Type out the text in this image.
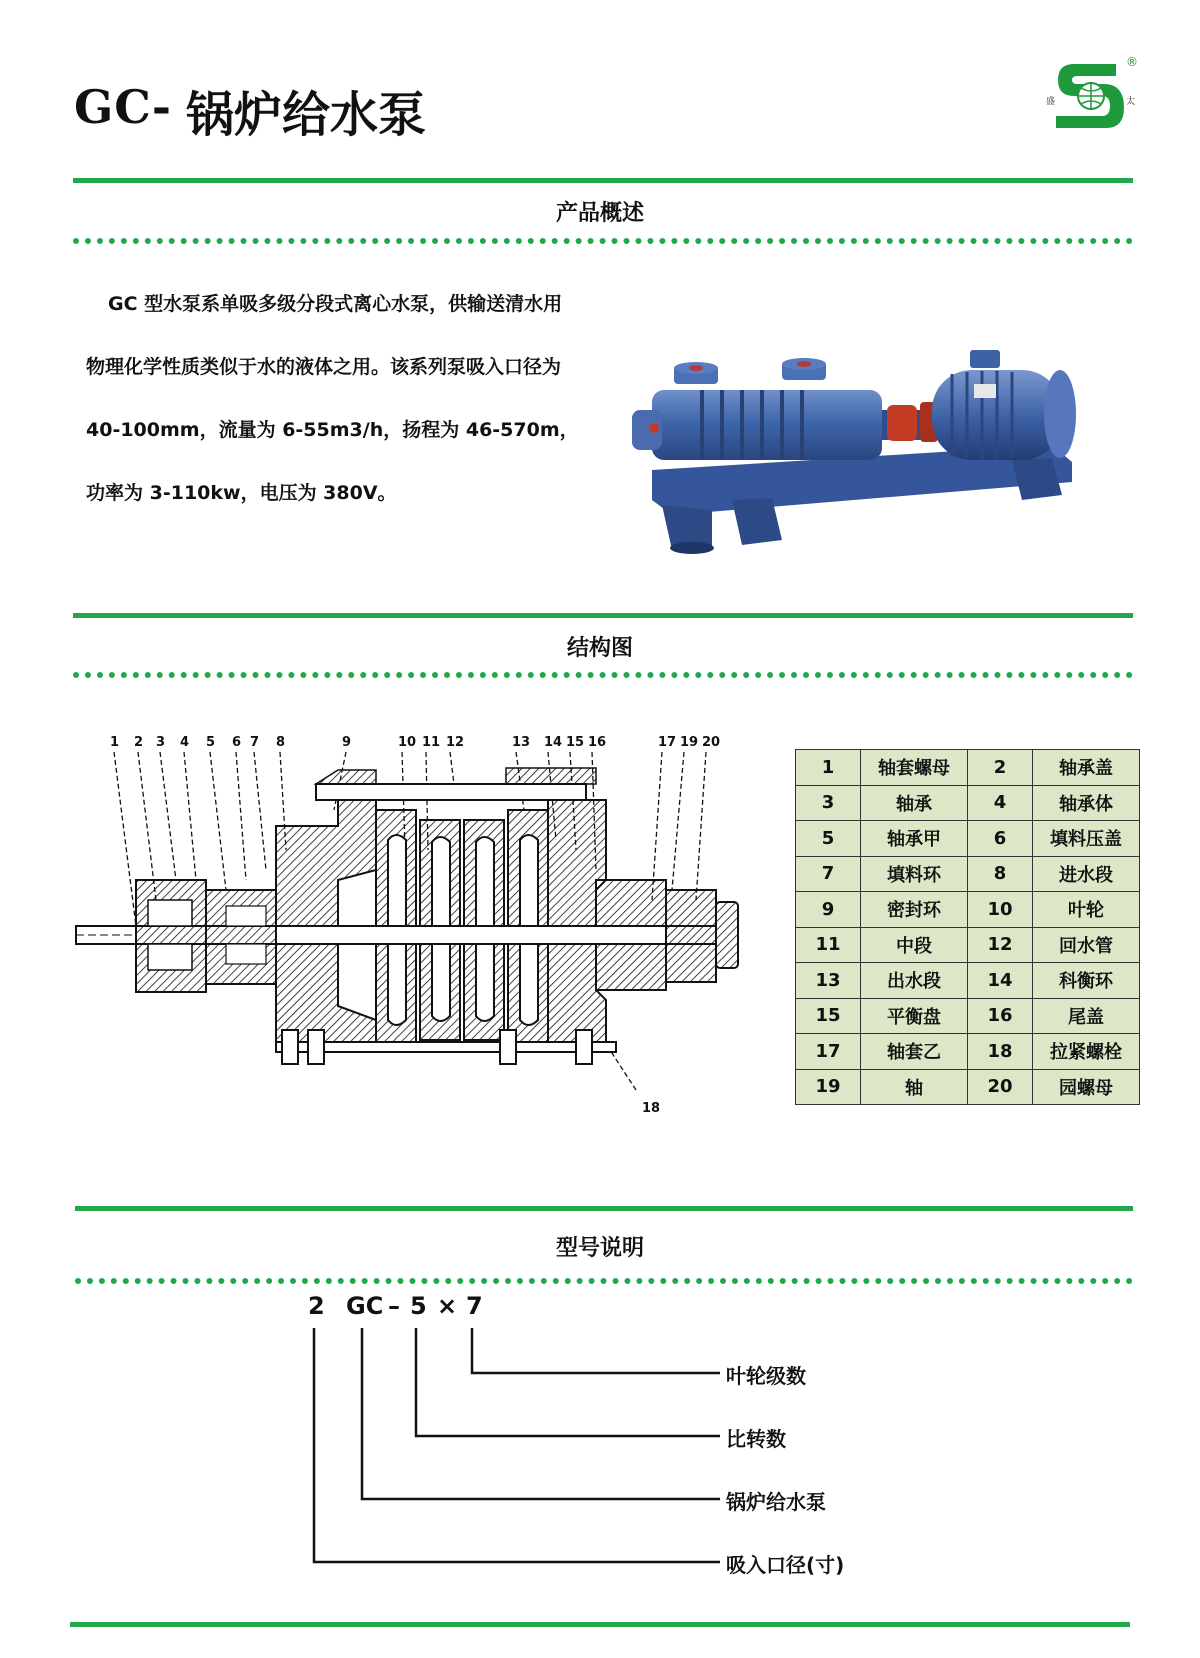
GC- 锅炉给水泵
®
盛	太
产品概述

GC 型水泵系单吸多级分段式离心水泵，供输送清水用

物理化学性质类似于水的液体之用。该系列泵吸入口径为

40-100mm，流量为 6-55m3/h，扬程为 46-570m，

功率为 3-110kw，电压为 380V。

结构图
1 2 3 4 5 6 7 8	9	10 11 12	13 14 15 16	17 19 20
18
1	轴套螺母	2	轴承盖
3	轴承	4	轴承体
5	轴承甲	6	填料压盖
7	填料环	8	进水段
9	密封环	10	叶轮
11	中段	12	回水管
13	出水段	14	科衡环
15	平衡盘	16	尾盖
17	轴套乙	18	拉紧螺栓
19	轴	20	园螺母
型号说明
2 GC – 5 × 7
叶轮级数
比转数
锅炉给水泵
吸入口径(寸)
